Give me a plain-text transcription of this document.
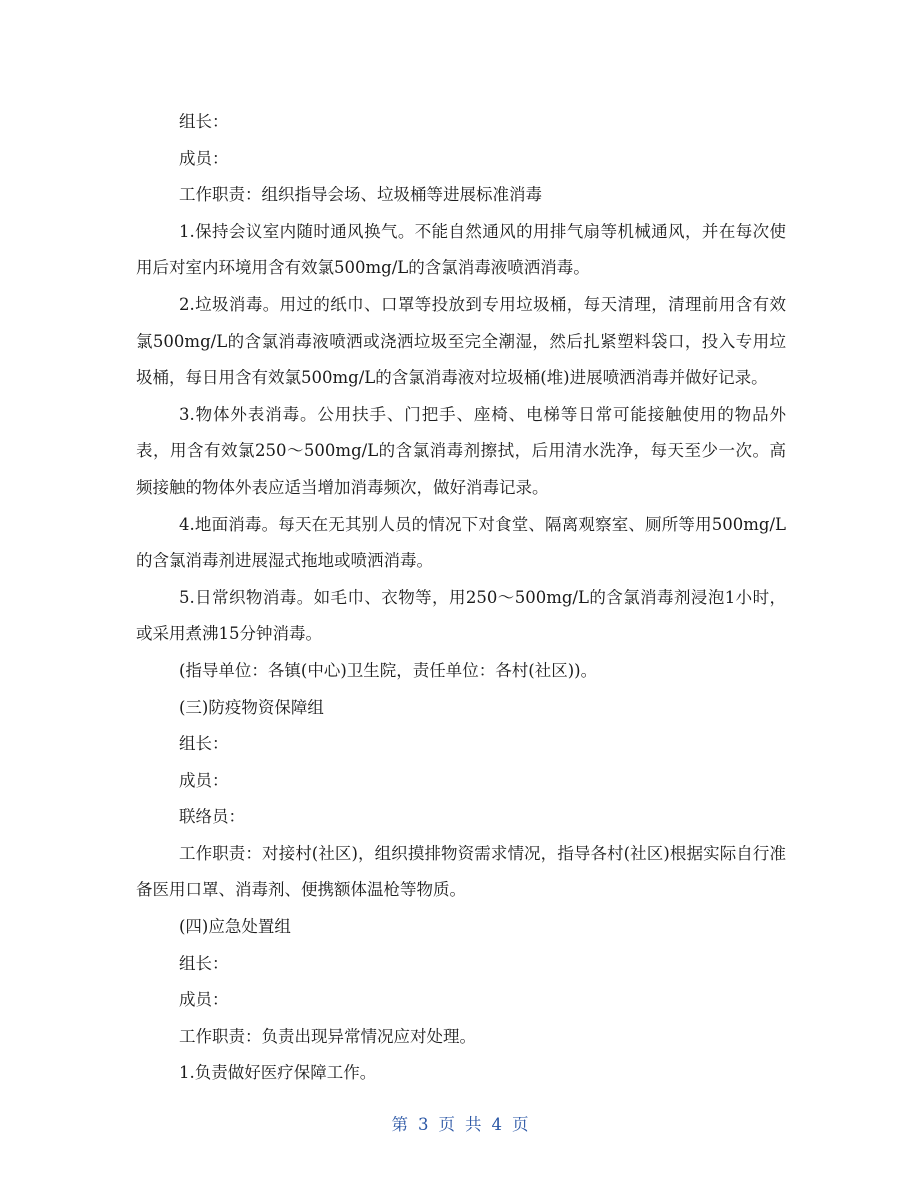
组长：

成员：

工作职责：组织指导会场、垃圾桶等进展标准消毒

1.保持会议室内随时通风换气。不能自然通风的用排气扇等机械通风，并在每次使用后对室内环境用含有效氯500mg/L的含氯消毒液喷洒消毒。

2.垃圾消毒。用过的纸巾、口罩等投放到专用垃圾桶，每天清理，清理前用含有效氯500mg/L的含氯消毒液喷洒或浇洒垃圾至完全潮湿，然后扎紧塑料袋口，投入专用垃圾桶，每日用含有效氯500mg/L的含氯消毒液对垃圾桶(堆)进展喷洒消毒并做好记录。

3.物体外表消毒。公用扶手、门把手、座椅、电梯等日常可能接触使用的物品外表，用含有效氯250～500mg/L的含氯消毒剂擦拭，后用清水洗净，每天至少一次。高频接触的物体外表应适当增加消毒频次，做好消毒记录。

4.地面消毒。每天在无其别人员的情况下对食堂、隔离观察室、厕所等用500mg/L的含氯消毒剂进展湿式拖地或喷洒消毒。

5.日常织物消毒。如毛巾、衣物等，用250～500mg/L的含氯消毒剂浸泡1小时，或采用煮沸15分钟消毒。

(指导单位：各镇(中心)卫生院，责任单位：各村(社区))。

(三)防疫物资保障组

组长：

成员：

联络员：

工作职责：对接村(社区)，组织摸排物资需求情况，指导各村(社区)根据实际自行准备医用口罩、消毒剂、便携额体温枪等物质。

(四)应急处置组

组长：

成员：

工作职责：负责出现异常情况应对处理。

1.负责做好医疗保障工作。

第 3 页 共 4 页
